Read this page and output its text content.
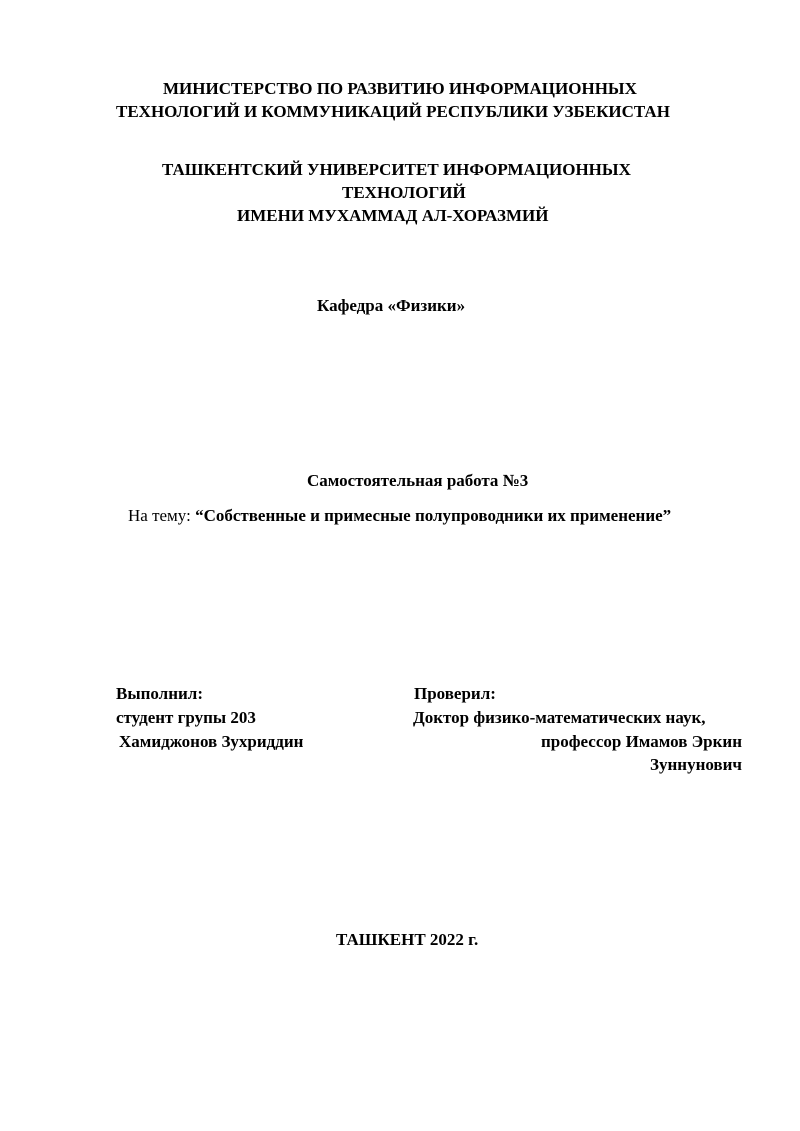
МИНИСТЕРСТВО ПО РАЗВИТИЮ ИНФОРМАЦИОННЫХ
ТЕХНОЛОГИЙ И КОММУНИКАЦИЙ РЕСПУБЛИКИ УЗБЕКИСТАН
ТАШКЕНТСКИЙ УНИВЕРСИТЕТ ИНФОРМАЦИОННЫХ
ТЕХНОЛОГИЙ
ИМЕНИ МУХАММАД АЛ-ХОРАЗМИЙ
Кафедра «Физики»
Самостоятельная работа №3
На тему: “Собственные и примесные полупроводники их применение”
Выполнил:
студент групы 203
Хамиджонов Зухриддин
Проверил:
Доктор физико-математических наук,
профессор Имамов Эркин
Зуннунович
ТАШКЕНТ 2022 г.
